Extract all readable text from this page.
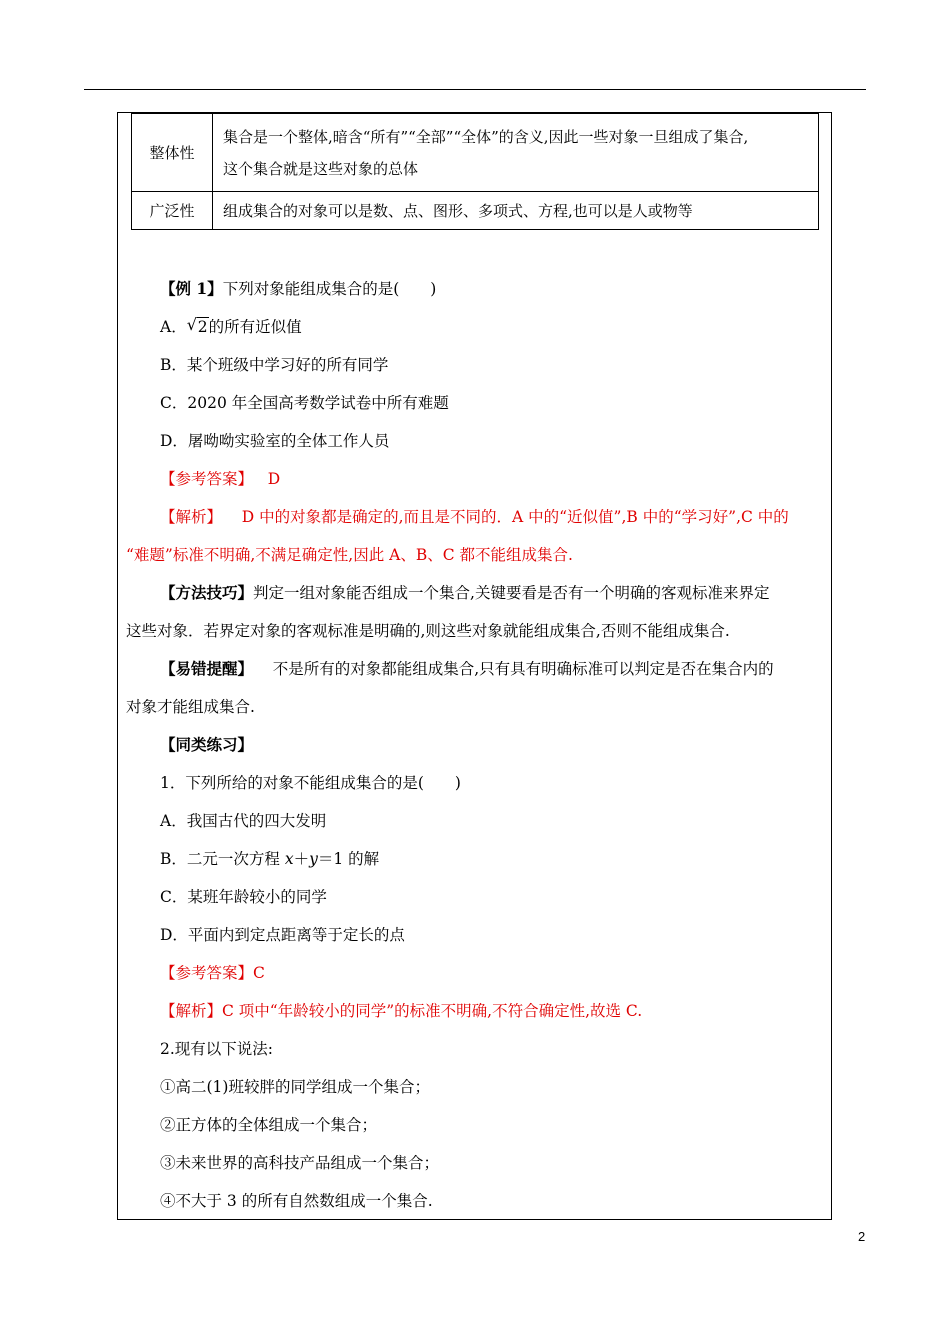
整体性	集合是一个整体,暗含“所有”“全部”“全体”的含义,因此一些对象一旦组成了集合,
这个集合就是这些对象的总体

广泛性	组成集合的对象可以是数、点、图形、多项式、方程,也可以是人或物等
【例 1】下列对象能组成集合的是(　　)
A． √ 2的所有近似值
B．某个班级中学习好的所有同学
C．2020 年全国高考数学试卷中所有难题
D．屠呦呦实验室的全体工作人员
【参考答案】 D
【解析】 D 中的对象都是确定的,而且是不同的．A 中的“近似值”,B 中的“学习好”,C 中的
“难题”标准不明确,不满足确定性,因此 A、B、C 都不能组成集合.
【方法技巧】判定一组对象能否组成一个集合,关键要看是否有一个明确的客观标准来界定
这些对象．若界定对象的客观标准是明确的,则这些对象就能组成集合,否则不能组成集合.
【易错提醒】 不是所有的对象都能组成集合,只有具有明确标准可以判定是否在集合内的
对象才能组成集合.
【同类练习】
1．下列所给的对象不能组成集合的是(　　)
A．我国古代的四大发明
B．二元一次方程 x＋y＝1 的解
C．某班年龄较小的同学
D．平面内到定点距离等于定长的点
【参考答案】C
【解析】C 项中“年龄较小的同学”的标准不明确,不符合确定性,故选 C.
2.现有以下说法:
①高二(1)班较胖的同学组成一个集合；
②正方体的全体组成一个集合；
③未来世界的高科技产品组成一个集合；
④不大于 3 的所有自然数组成一个集合.
2
